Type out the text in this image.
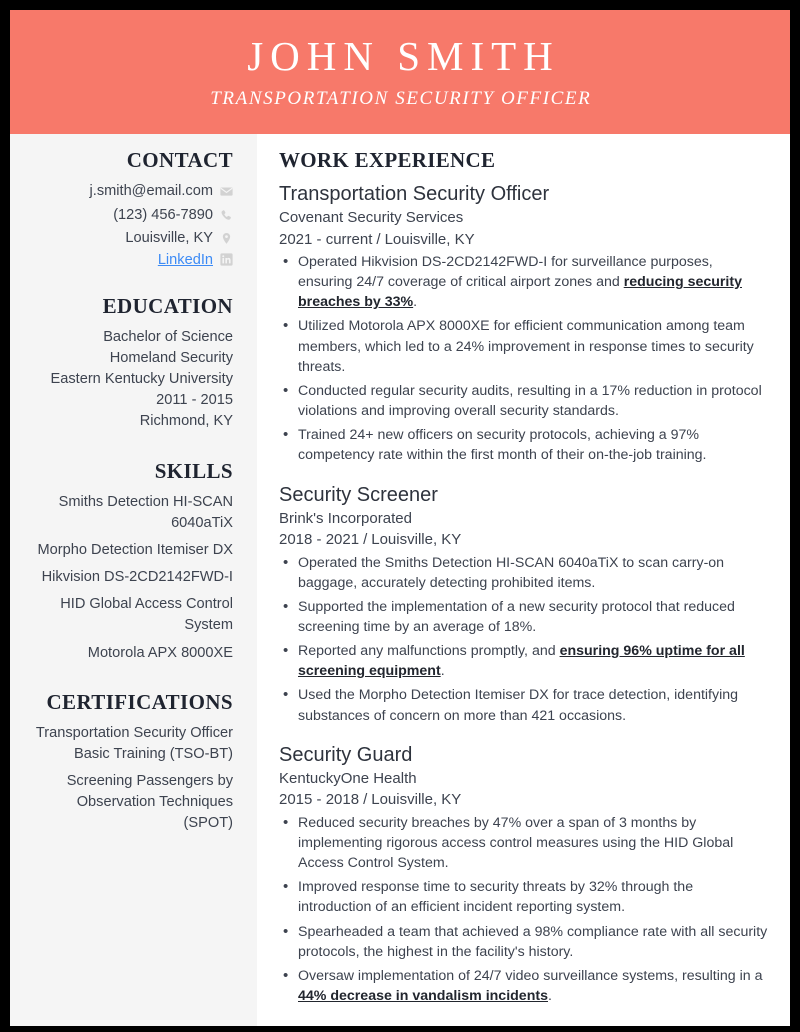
JOHN SMITH
TRANSPORTATION SECURITY OFFICER
CONTACT
j.smith@email.com
(123) 456-7890
Louisville, KY
LinkedIn
EDUCATION
Bachelor of Science
Homeland Security
Eastern Kentucky University
2011 - 2015
Richmond, KY
SKILLS
Smiths Detection HI-SCAN 6040aTiX
Morpho Detection Itemiser DX
Hikvision DS-2CD2142FWD-I
HID Global Access Control System
Motorola APX 8000XE
CERTIFICATIONS
Transportation Security Officer Basic Training (TSO-BT)
Screening Passengers by Observation Techniques (SPOT)
WORK EXPERIENCE
Transportation Security Officer
Covenant Security Services
2021 - current / Louisville, KY
• Operated Hikvision DS-2CD2142FWD-I for surveillance purposes, ensuring 24/7 coverage of critical airport zones and reducing security breaches by 33%.
• Utilized Motorola APX 8000XE for efficient communication among team members, which led to a 24% improvement in response times to security threats.
• Conducted regular security audits, resulting in a 17% reduction in protocol violations and improving overall security standards.
• Trained 24+ new officers on security protocols, achieving a 97% competency rate within the first month of their on-the-job training.
Security Screener
Brink's Incorporated
2018 - 2021 / Louisville, KY
• Operated the Smiths Detection HI-SCAN 6040aTiX to scan carry-on baggage, accurately detecting prohibited items.
• Supported the implementation of a new security protocol that reduced screening time by an average of 18%.
• Reported any malfunctions promptly, and ensuring 96% uptime for all screening equipment.
• Used the Morpho Detection Itemiser DX for trace detection, identifying substances of concern on more than 421 occasions.
Security Guard
KentuckyOne Health
2015 - 2018 / Louisville, KY
• Reduced security breaches by 47% over a span of 3 months by implementing rigorous access control measures using the HID Global Access Control System.
• Improved response time to security threats by 32% through the introduction of an efficient incident reporting system.
• Spearheaded a team that achieved a 98% compliance rate with all security protocols, the highest in the facility's history.
• Oversaw implementation of 24/7 video surveillance systems, resulting in a 44% decrease in vandalism incidents.
